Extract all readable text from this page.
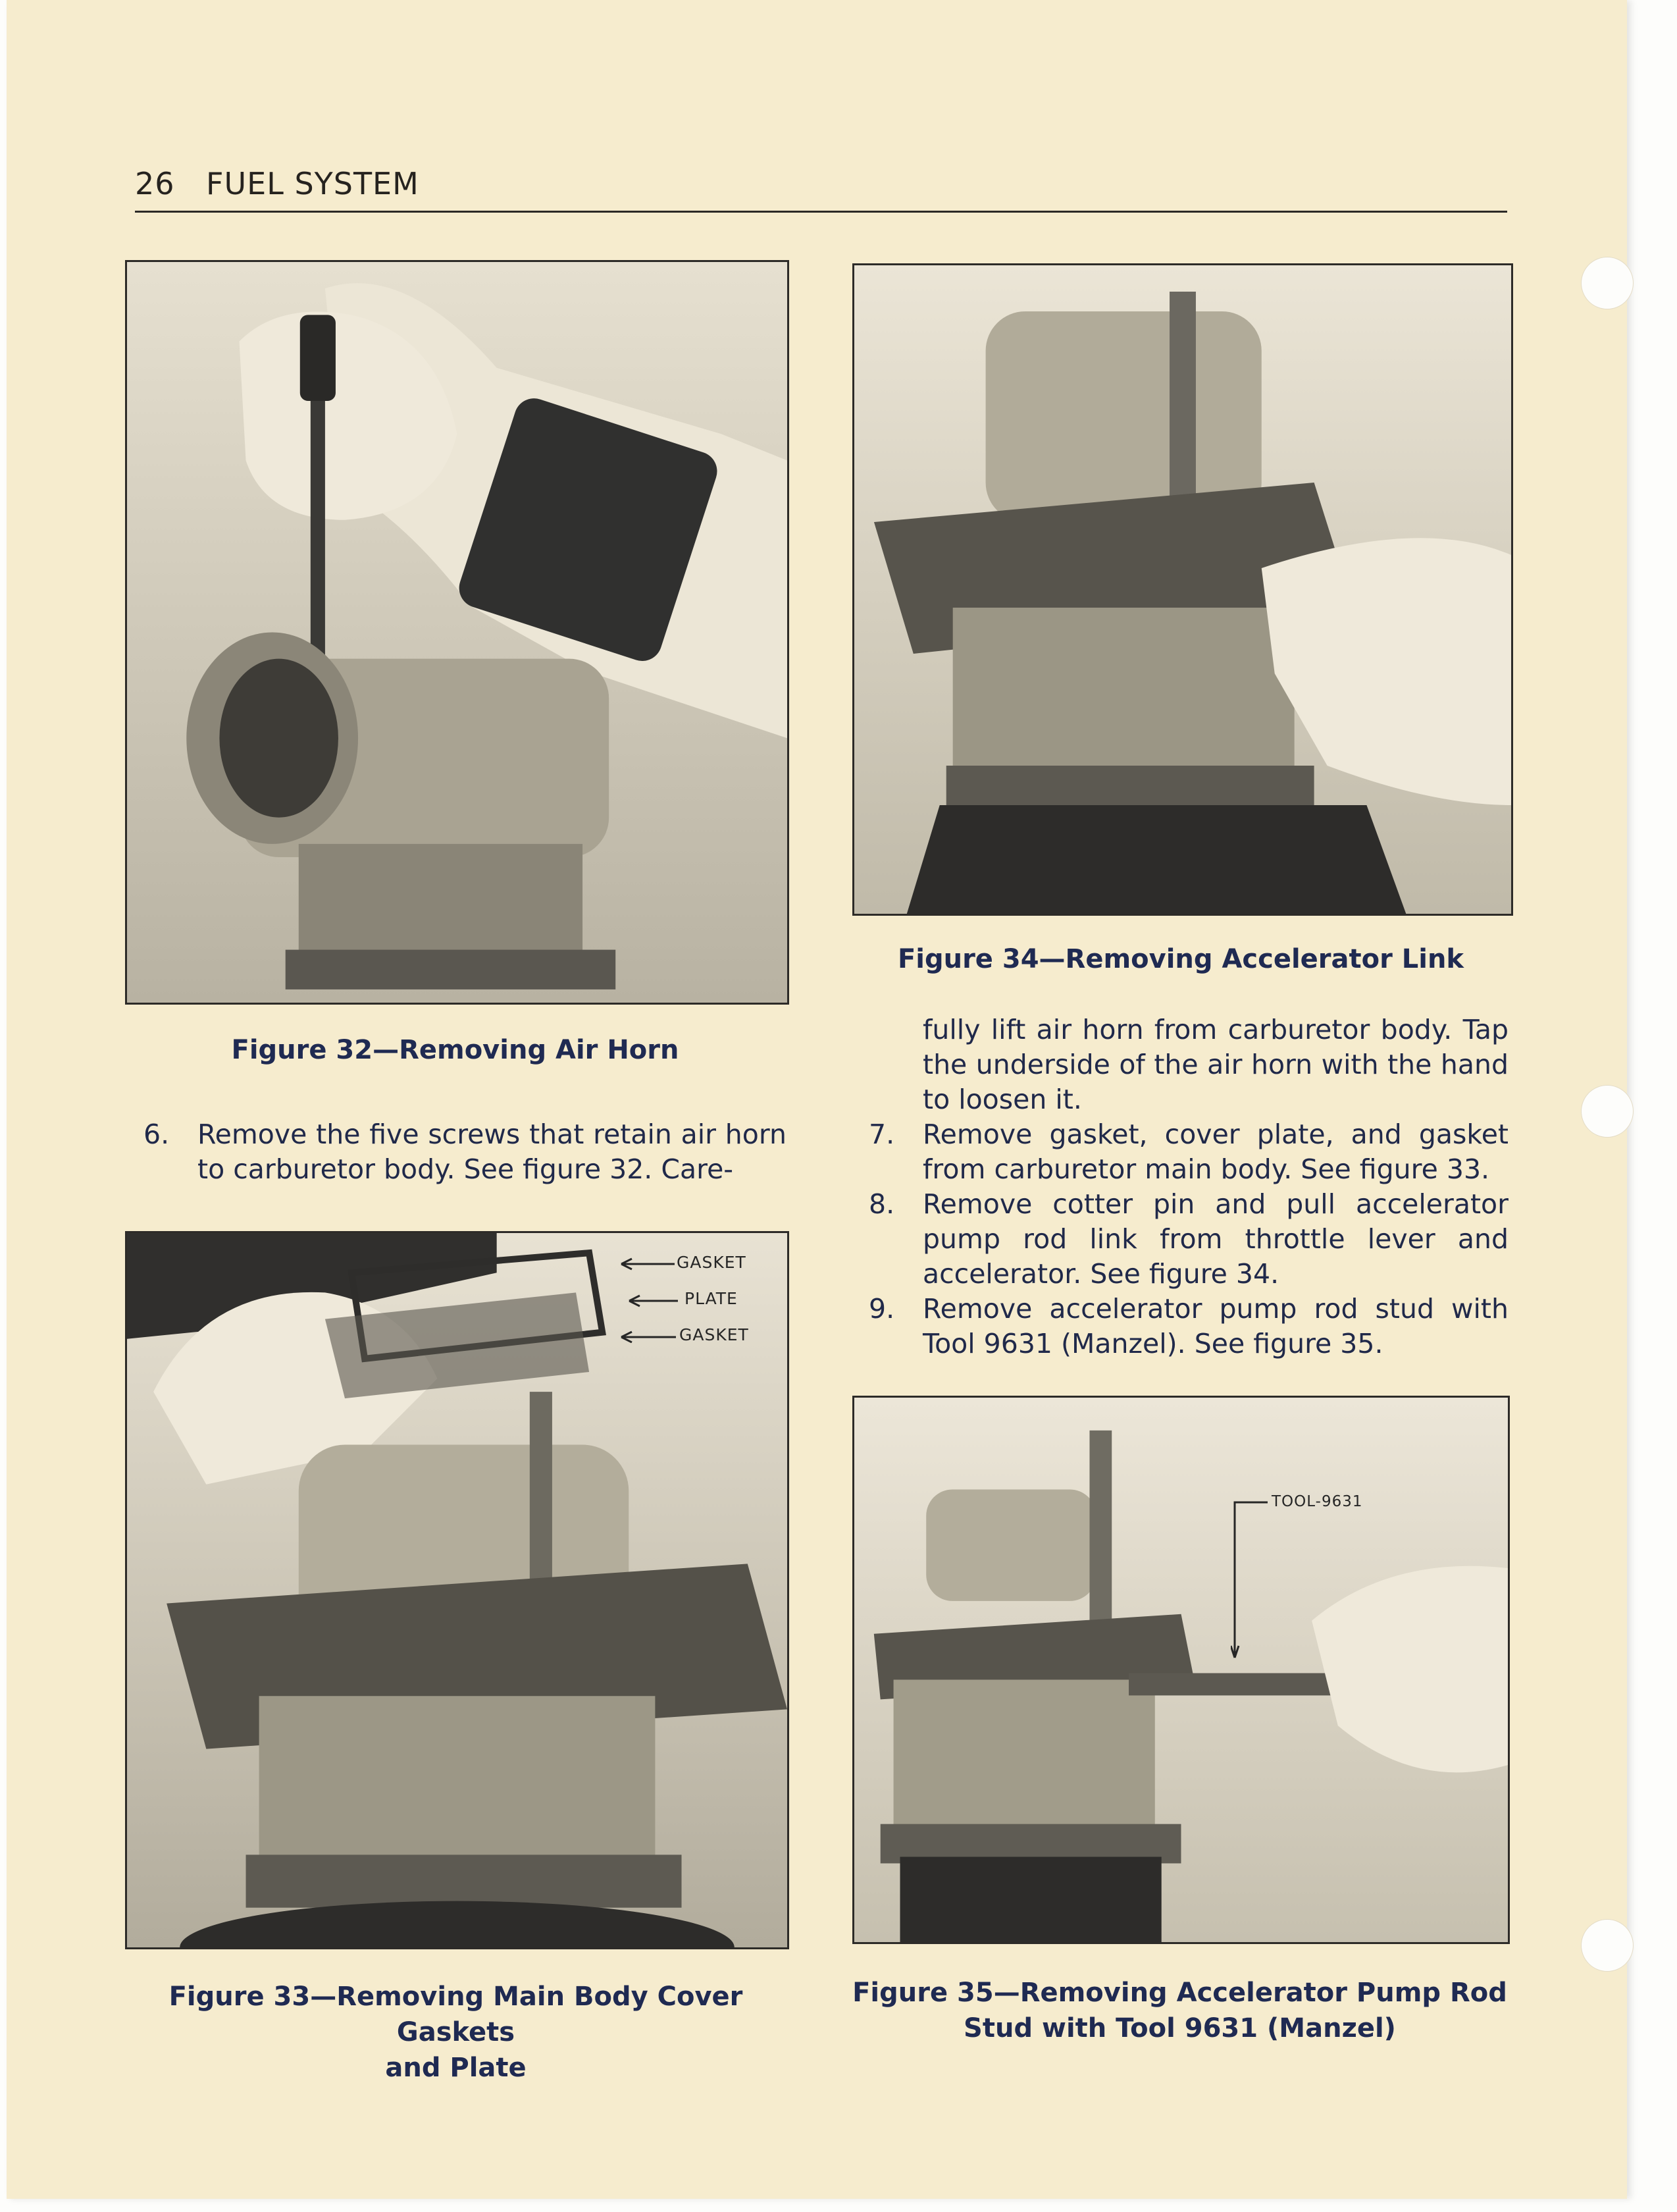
26 FUEL SYSTEM
Figure 32—Removing Air Horn
6. Remove the five screws that retain air horn to carburetor body. See figure 32. Care-
GASKET
PLATE
GASKET
Figure 33—Removing Main Body Cover Gaskets
and Plate
Figure 34—Removing Accelerator Link
fully lift air horn from carburetor body. Tap the underside of the air horn with the hand to loosen it.
7. Remove gasket, cover plate, and gasket from carburetor main body. See figure 33.
8. Remove cotter pin and pull accelerator pump rod link from throttle lever and accelerator. See figure 34.
9. Remove accelerator pump rod stud with Tool 9631 (Manzel). See figure 35.
TOOL-9631
Figure 35—Removing Accelerator Pump Rod
Stud with Tool 9631 (Manzel)
